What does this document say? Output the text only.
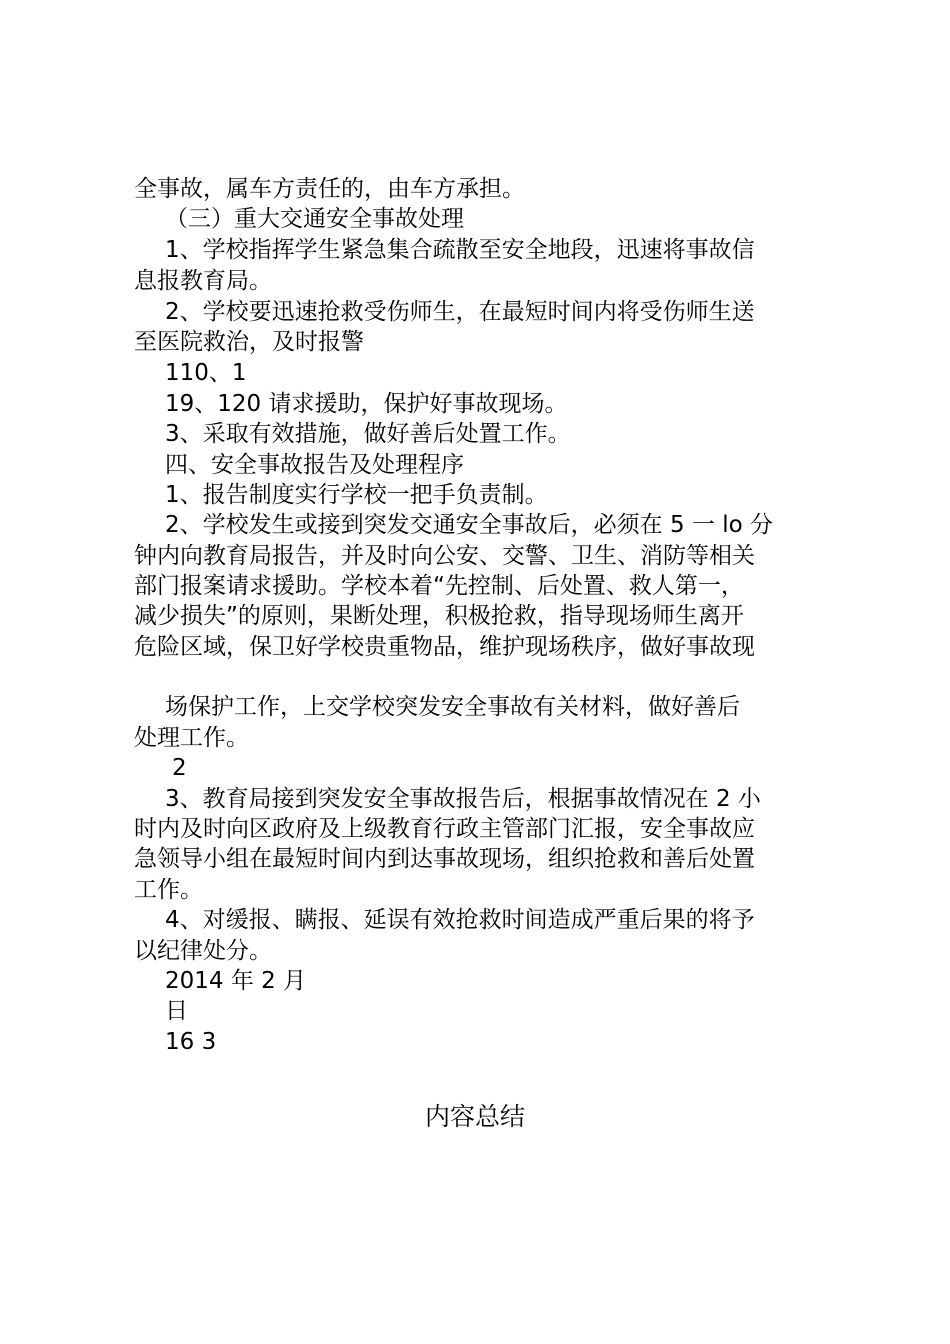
全事故，属车方责任的，由车方承担。

（三）重大交通安全事故处理

1、学校指挥学生紧急集合疏散至安全地段，迅速将事故信

息报教育局。

2、学校要迅速抢救受伤师生，在最短时间内将受伤师生送

至医院救治，及时报警

110、1

19、120 请求援助，保护好事故现场。

3、采取有效措施，做好善后处置工作。

四、安全事故报告及处理程序

1、报告制度实行学校一把手负责制。

2、学校发生或接到突发交通安全事故后，必须在 5 一 lo 分

钟内向教育局报告，并及时向公安、交警、卫生、消防等相关

部门报案请求援助。学校本着“先控制、后处置、救人第一，

减少损失”的原则，果断处理，积极抢救，指导现场师生离开

危险区域，保卫好学校贵重物品，维护现场秩序，做好事故现

场保护工作，上交学校突发安全事故有关材料，做好善后

处理工作。

2

3、教育局接到突发安全事故报告后，根据事故情况在 2 小

时内及时向区政府及上级教育行政主管部门汇报，安全事故应

急领导小组在最短时间内到达事故现场，组织抢救和善后处置

工作。

4、对缓报、瞒报、延误有效抢救时间造成严重后果的将予

以纪律处分。

2014 年 2 月

日

16 3

内容总结
